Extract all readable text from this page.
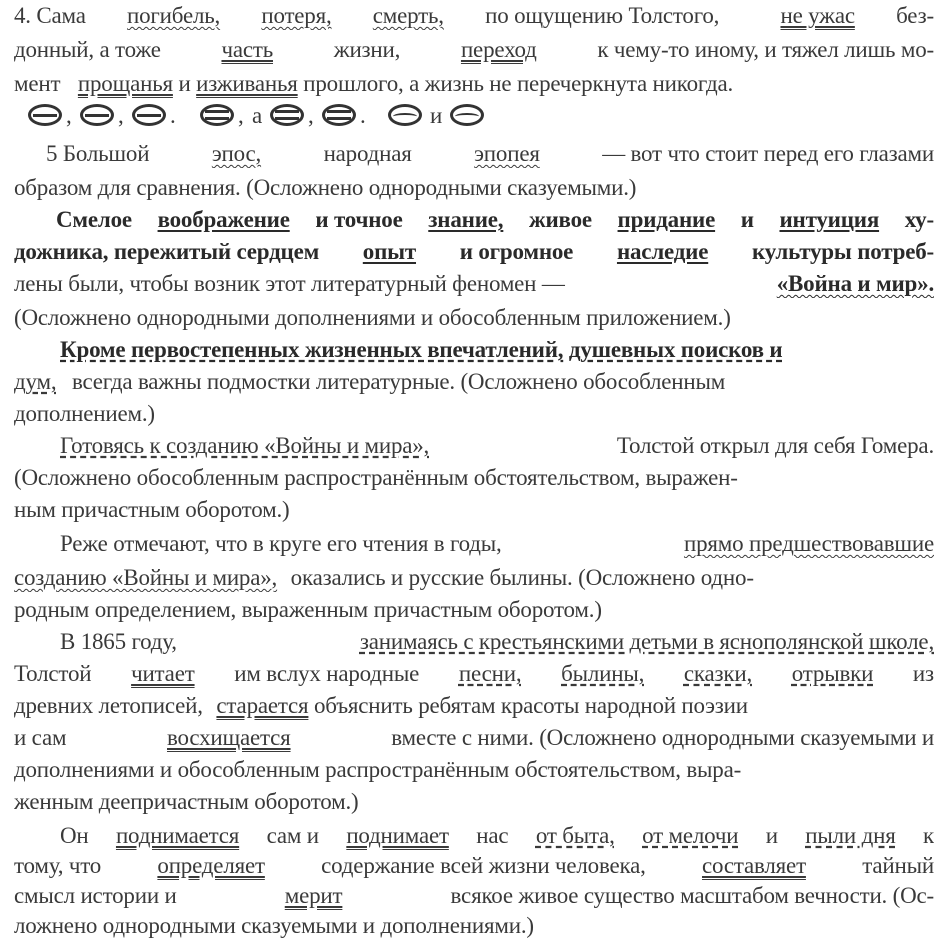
4. Сама погибель, потеря, смерть, по ощущению Толстого,	не ужас без-
донный, а тоже	часть	жизни,	переход	к чему-то иному, и тяжел лишь мо-
мент прощанья и изживанья прошлого, а жизнь не перечеркнута никогда.
, , .	, а , .	и
5 Большой	эпос,	народная	эпопея	— вот что стоит перед его глазами
образом для сравнения. (Осложнено однородными сказуемыми.)
Смелое воображение и точное знание, живое придание и интуиция ху-
дожника, пережитый сердцем опыт и огромное наследие культуры потреб-
лены были, чтобы возник этот литературный феномен —	«Война и мир».
(Осложнено однородными дополнениями и обособленным приложением.)
Кроме первостепенных жизненных впечатлений, душевных поисков и
дум, всегда важны подмостки литературные. (Осложнено обособленным
дополнением.)
Готовясь к созданию «Войны и мира»,	Толстой открыл для себя Гомера.
(Осложнено обособленным распространённым обстоятельством, выражен-
ным причастным оборотом.)
Реже отмечают, что в круге его чтения в годы,	прямо предшествовавшие
созданию «Войны и мира», оказались и русские былины. (Осложнено одно-
родным определением, выраженным причастным оборотом.)
В 1865 году,	занимаясь с крестьянскими детьми в яснополянской школе,
Толстой читает им вслух народные песни, былины, сказки, отрывки из
древних летописей, старается объяснить ребятам красоты народной поэзии
и сам	восхищается	вместе с ними. (Осложнено однородными сказуемыми и
дополнениями и обособленным распространённым обстоятельством, выра-
женным деепричастным оборотом.)
Он поднимается сам и поднимает нас от быта, от мелочи и пыли дня к
тому, что определяет содержание всей жизни человека, составляет тайный
смысл истории и	мерит	всякое живое существо масштабом вечности. (Ос-
ложнено однородными сказуемыми и дополнениями.)
